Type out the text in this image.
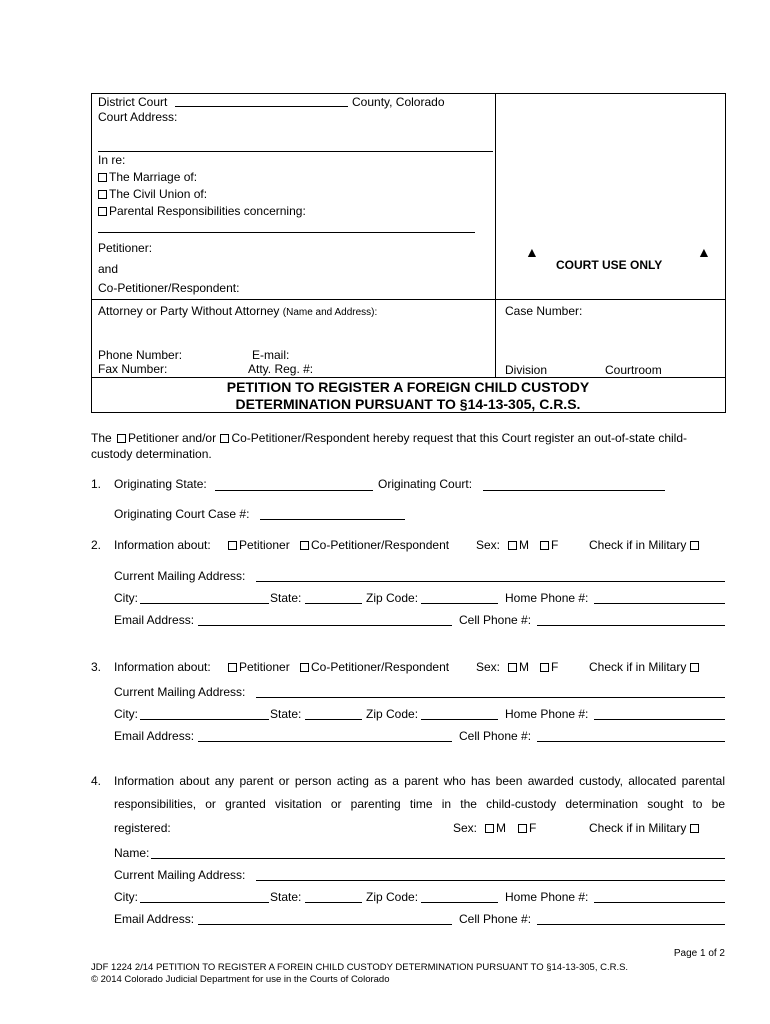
District Court	County, Colorado
Court Address:
In re:
The Marriage of:
The Civil Union of:
Parental Responsibilities concerning:
Petitioner:
and
Co-Petitioner/Respondent:
Attorney or Party Without Attorney (Name and Address):
Phone Number:	E-mail:
Fax Number:	Atty. Reg. #:
▲
COURT USE ONLY
▲
Case Number:
Division	Courtroom
PETITION TO REGISTER A FOREIGN CHILD CUSTODY
DETERMINATION PURSUANT TO §14-13-305, C.R.S.
The Petitioner and/or Co-Petitioner/Respondent hereby request that this Court register an out-of-state child-
custody determination.
1. Originating State:	Originating Court:
Originating Court Case #:
2. Information about:	Petitioner	Co-Petitioner/Respondent Sex:	M	F	Check if in Military
Current Mailing Address:
City:	State:	Zip Code:	Home Phone #:
Email Address:	Cell Phone #:
3. Information about:	Petitioner	Co-Petitioner/Respondent Sex:	M	F	Check if in Military
Current Mailing Address:
City:	State:	Zip Code:	Home Phone #:
Email Address:	Cell Phone #:
4. Information about any parent or person acting as a parent who has been awarded custody, allocated parental
responsibilities, or granted visitation or parenting time in the child-custody determination sought to be
registered:	Sex:	M	F	Check if in Military
Name:
Current Mailing Address:
City:	State:	Zip Code:	Home Phone #:
Email Address:	Cell Phone #:
Page 1 of 2
JDF 1224 2/14 PETITION TO REGISTER A FOREIN CHILD CUSTODY DETERMINATION PURSUANT TO §14-13-305, C.R.S.
© 2014 Colorado Judicial Department for use in the Courts of Colorado
